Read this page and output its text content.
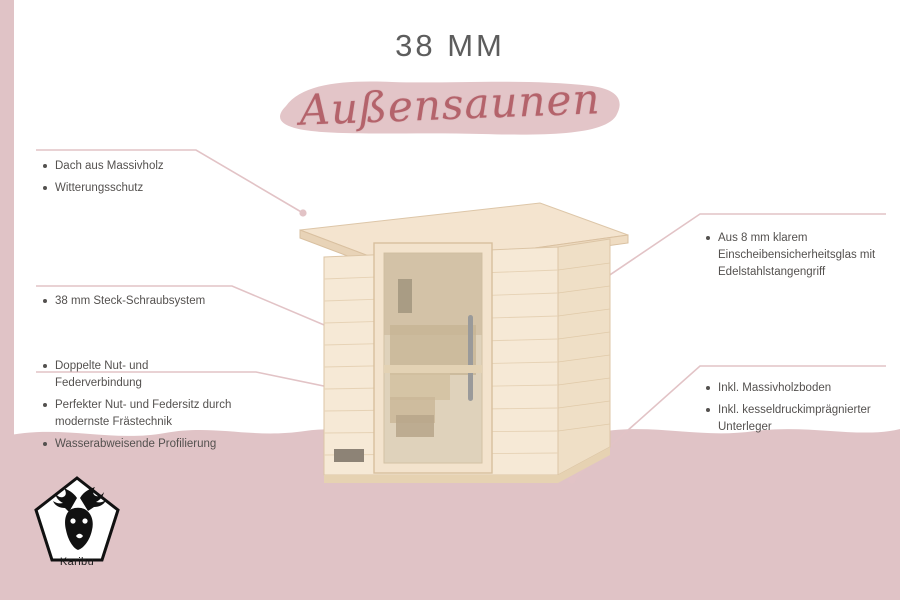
38 MM
Außensaunen
Dach aus Massivholz
Witterungsschutz
38 mm Steck-Schraubsystem
Doppelte Nut- und Federverbindung
Perfekter Nut- und Federsitz durch modernste Frästechnik
Wasserabweisende Profilierung
Aus 8 mm klarem Einscheibensicherheitsglas mit Edelstahlstangengriff
Inkl. Massivholzboden
Inkl. kesseldruckimprägnierter Unterleger
Karibu
